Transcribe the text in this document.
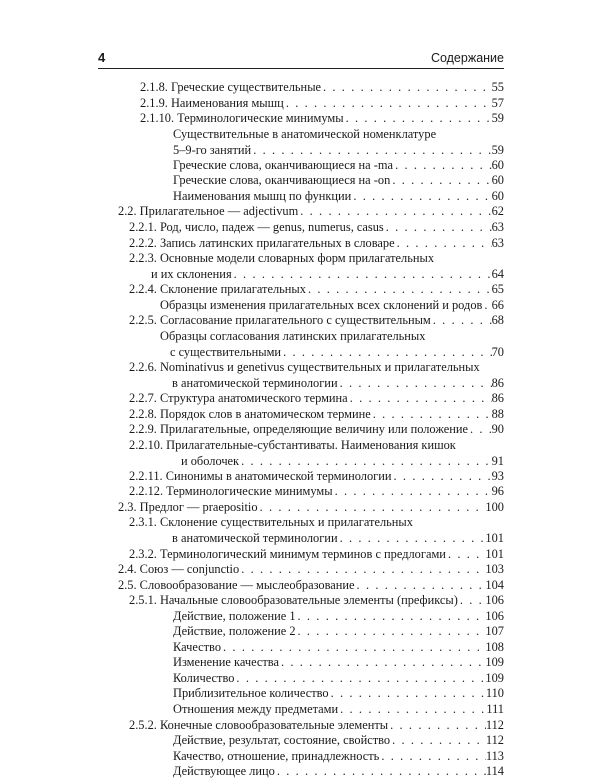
4	Содержание
2.1.8. Греческие существительные . . .	55
2.1.9. Наименования мышц . . .	57
2.1.10. Терминологические минимумы . . .	59
Существительные в анатомической номенклатуре
5–9-го занятий . . .	59
Греческие слова, оканчивающиеся на -ma . . .	60
Греческие слова, оканчивающиеся на -on . . .	60
Наименования мышц по функции . . .	60
2.2. Прилагательное — adjectivum . . .	62
2.2.1. Род, число, падеж — genus, numerus, casus . . .	63
2.2.2. Запись латинских прилагательных в словаре . . .	63
2.2.3. Основные модели словарных форм прилагательных
и их склонения . . .	64
2.2.4. Склонение прилагательных . . .	65
Образцы изменения прилагательных всех склонений и родов . . . 66
2.2.5. Согласование прилагательного с существительным . . .	68
Образцы согласования латинских прилагательных
с существительными . . .	70
2.2.6. Nominativus и genetivus существительных и прилагательных
в анатомической терминологии . . .	86
2.2.7. Структура анатомического термина . . .	86
2.2.8. Порядок слов в анатомическом термине . . .	88
2.2.9. Прилагательные, определяющие величину или положение . . . 90
2.2.10. Прилагательные-субстантиваты. Наименования кишок
и оболочек . . .	91
2.2.11. Синонимы в анатомической терминологии . . .	93
2.2.12. Терминологические минимумы . . .	96
2.3. Предлог — praepositio . . .	100
2.3.1. Склонение существительных и прилагательных
в анатомической терминологии . . .	101
2.3.2. Терминологический минимум терминов с предлогами . . .	101
2.4. Союз — conjunctio . . .	103
2.5. Словообразование — мыслеобразование . . .	104
2.5.1. Начальные словообразовательные элементы (префиксы) . . . 106
Действие, положение 1 . . .	106
Действие, положение 2 . . .	107
Качество . . .	108
Изменение качества . . .	109
Количество . . .	109
Приблизительное количество . . .	110
Отношения между предметами . . .	111
2.5.2. Конечные словообразовательные элементы . . .	112
Действие, результат, состояние, свойство . . .	112
Качество, отношение, принадлежность . . .	113
Действующее лицо . . .	114
